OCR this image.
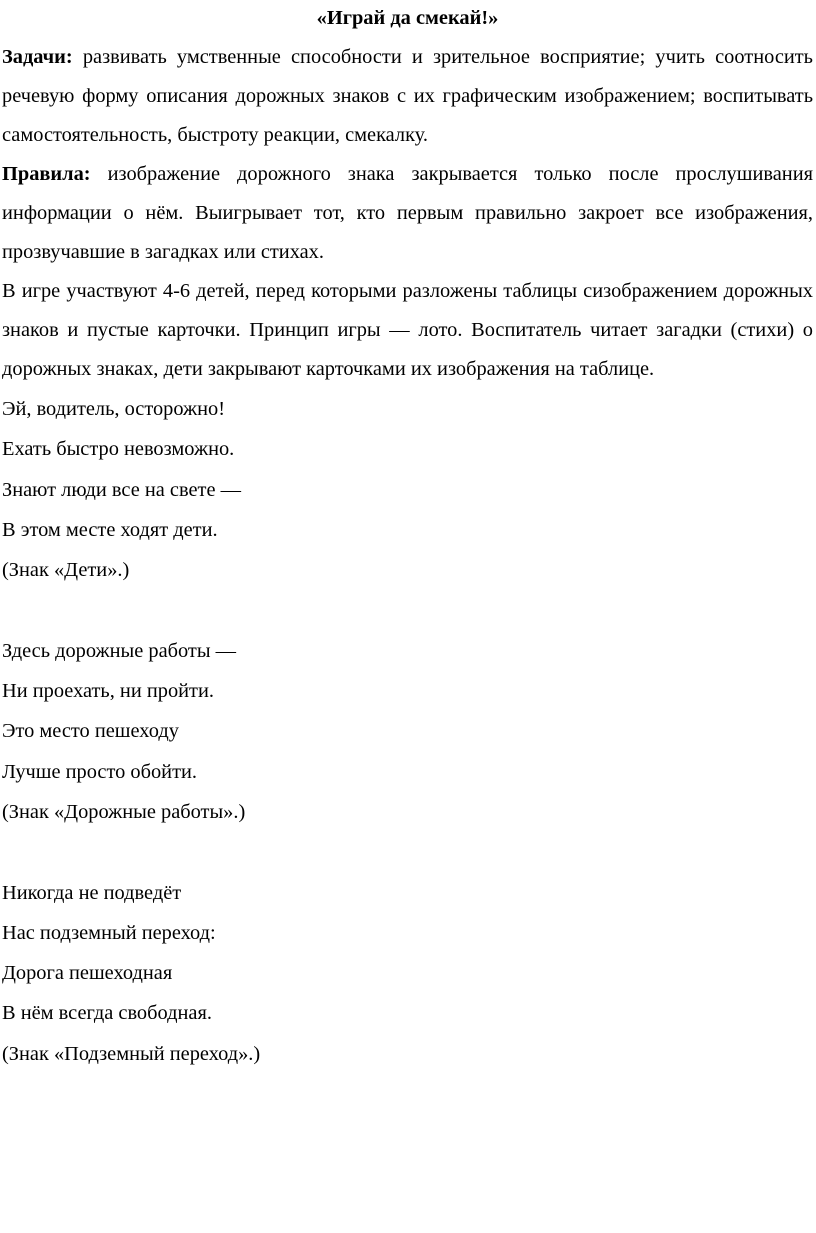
«Играй да смекай!»

Задачи: развивать умственные способности и зрительное восприятие; учить соотносить речевую форму описания дорожных знаков с их графическим изображением; воспитывать самостоятельность, быстроту реакции, смекалку.

Правила: изображение дорожного знака закрывается только после прослушивания информации о нём. Выигрывает тот, кто первым правильно закроет все изображения, прозвучавшие в загадках или стихах.

В игре участвуют 4-6 детей, перед которыми разложены таблицы сизображением дорожных знаков и пустые карточки. Принцип игры — лото. Воспитатель читает загадки (стихи) о дорожных знаках, дети закрывают карточками их изображения на таблице.

Эй, водитель, осторожно!
Ехать быстро невозможно.
Знают люди все на свете —
В этом месте ходят дети.
(Знак «Дети».)
Здесь дорожные работы —
Ни проехать, ни пройти.
Это место пешеходу
Лучше просто обойти.
(Знак «Дорожные работы».)
Никогда не подведёт
Нас подземный переход:
Дорога пешеходная
В нём всегда свободная.
(Знак «Подземный переход».)
